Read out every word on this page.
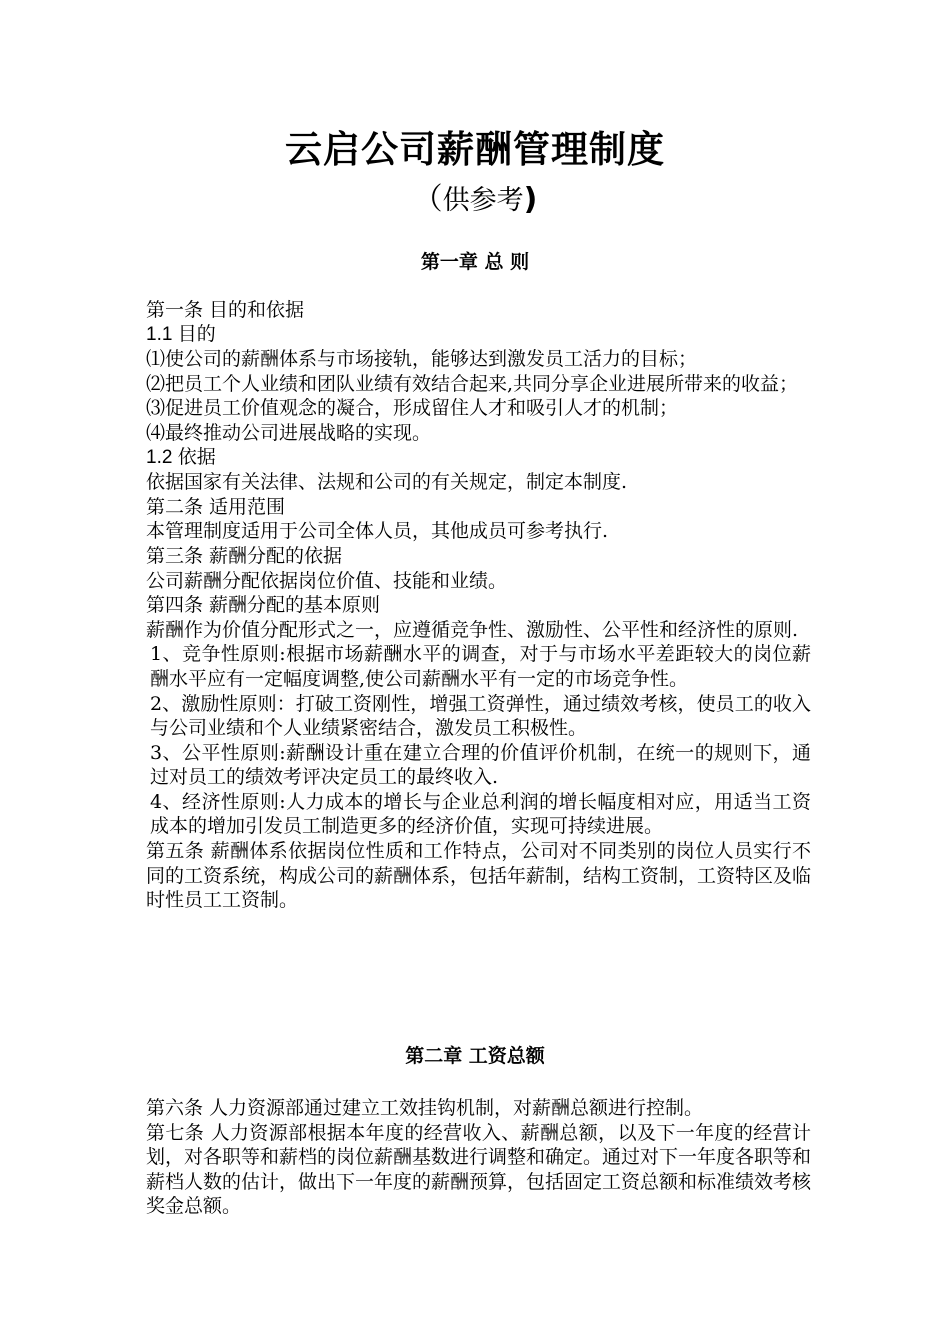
云启公司薪酬管理制度
（供参考)
第一章 总 则

第一条 目的和依据

1.1 目的

⑴使公司的薪酬体系与市场接轨，能够达到激发员工活力的目标；

⑵把员工个人业绩和团队业绩有效结合起来,共同分享企业进展所带来的收益；

⑶促进员工价值观念的凝合，形成留住人才和吸引人才的机制；

⑷最终推动公司进展战略的实现。

1.2 依据

依据国家有关法律、法规和公司的有关规定，制定本制度.

第二条 适用范围

本管理制度适用于公司全体人员，其他成员可参考执行.

第三条 薪酬分配的依据

公司薪酬分配依据岗位价值、技能和业绩。

第四条 薪酬分配的基本原则

薪酬作为价值分配形式之一，应遵循竞争性、激励性、公平性和经济性的原则.

1、竞争性原则:根据市场薪酬水平的调查，对于与市场水平差距较大的岗位薪酬水平应有一定幅度调整,使公司薪酬水平有一定的市场竞争性。

2、激励性原则：打破工资刚性，增强工资弹性，通过绩效考核，使员工的收入与公司业绩和个人业绩紧密结合，激发员工积极性。

3、公平性原则:薪酬设计重在建立合理的价值评价机制，在统一的规则下，通过对员工的绩效考评决定员工的最终收入.

4、经济性原则:人力成本的增长与企业总利润的增长幅度相对应，用适当工资成本的增加引发员工制造更多的经济价值，实现可持续进展。

第五条 薪酬体系依据岗位性质和工作特点，公司对不同类别的岗位人员实行不同的工资系统，构成公司的薪酬体系，包括年薪制，结构工资制，工资特区及临时性员工工资制。

第二章 工资总额

第六条 人力资源部通过建立工效挂钩机制，对薪酬总额进行控制。

第七条 人力资源部根据本年度的经营收入、薪酬总额，以及下一年度的经营计划，对各职等和薪档的岗位薪酬基数进行调整和确定。通过对下一年度各职等和薪档人数的估计，做出下一年度的薪酬预算，包括固定工资总额和标准绩效考核奖金总额。
